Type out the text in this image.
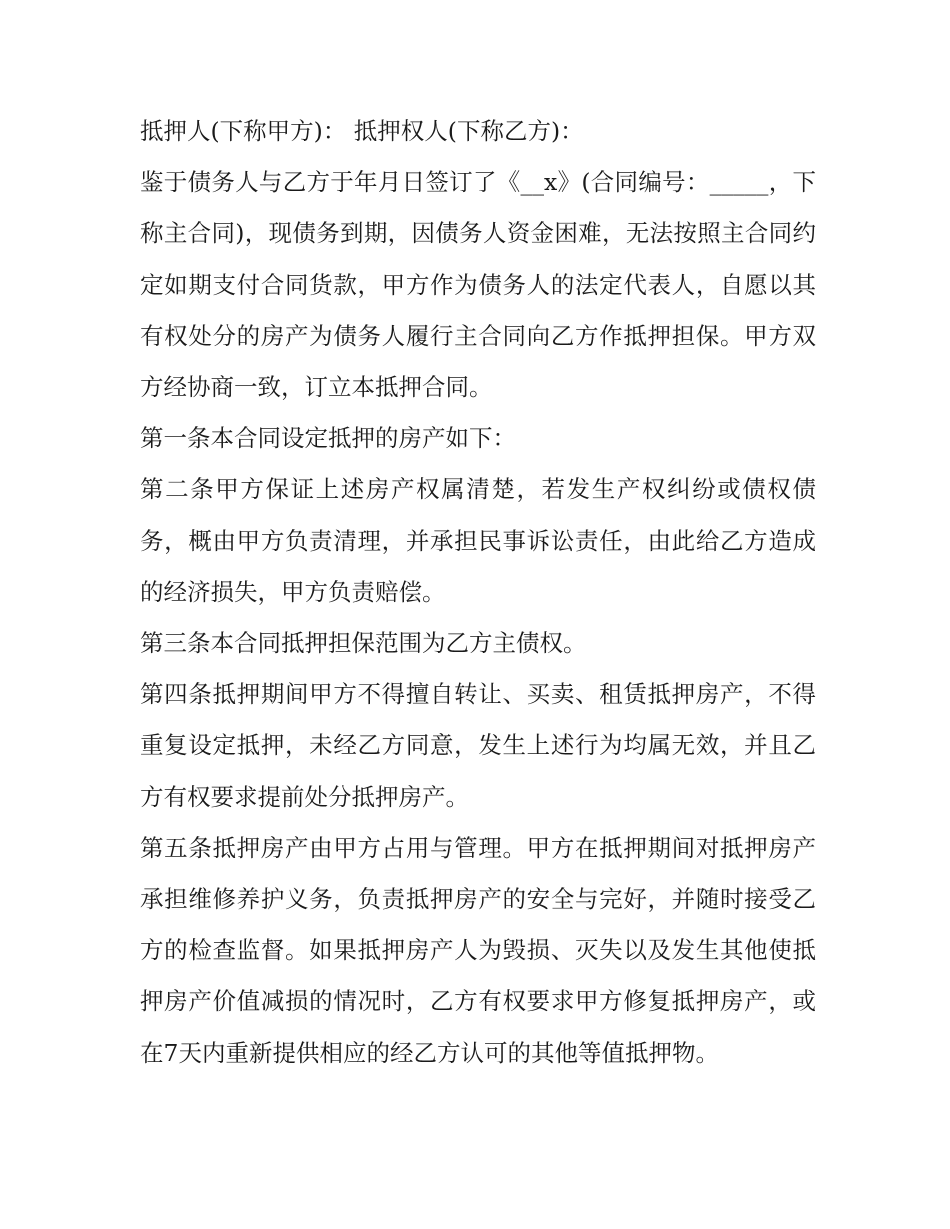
抵押人(下称甲方)： 抵押权人(下称乙方)：

鉴于债务人与乙方于年月日签订了《__x》(合同编号：_____，下称主合同)，现债务到期，因债务人资金困难，无法按照主合同约定如期支付合同货款，甲方作为债务人的法定代表人，自愿以其有权处分的房产为债务人履行主合同向乙方作抵押担保。甲方双方经协商一致，订立本抵押合同。

第一条本合同设定抵押的房产如下：

第二条甲方保证上述房产权属清楚，若发生产权纠纷或债权债务，概由甲方负责清理，并承担民事诉讼责任，由此给乙方造成的经济损失，甲方负责赔偿。

第三条本合同抵押担保范围为乙方主债权。

第四条抵押期间甲方不得擅自转让、买卖、租赁抵押房产，不得重复设定抵押，未经乙方同意，发生上述行为均属无效，并且乙方有权要求提前处分抵押房产。

第五条抵押房产由甲方占用与管理。甲方在抵押期间对抵押房产承担维修养护义务，负责抵押房产的安全与完好，并随时接受乙方的检查监督。如果抵押房产人为毁损、灭失以及发生其他使抵押房产价值减损的情况时，乙方有权要求甲方修复抵押房产，或在7天内重新提供相应的经乙方认可的其他等值抵押物。
